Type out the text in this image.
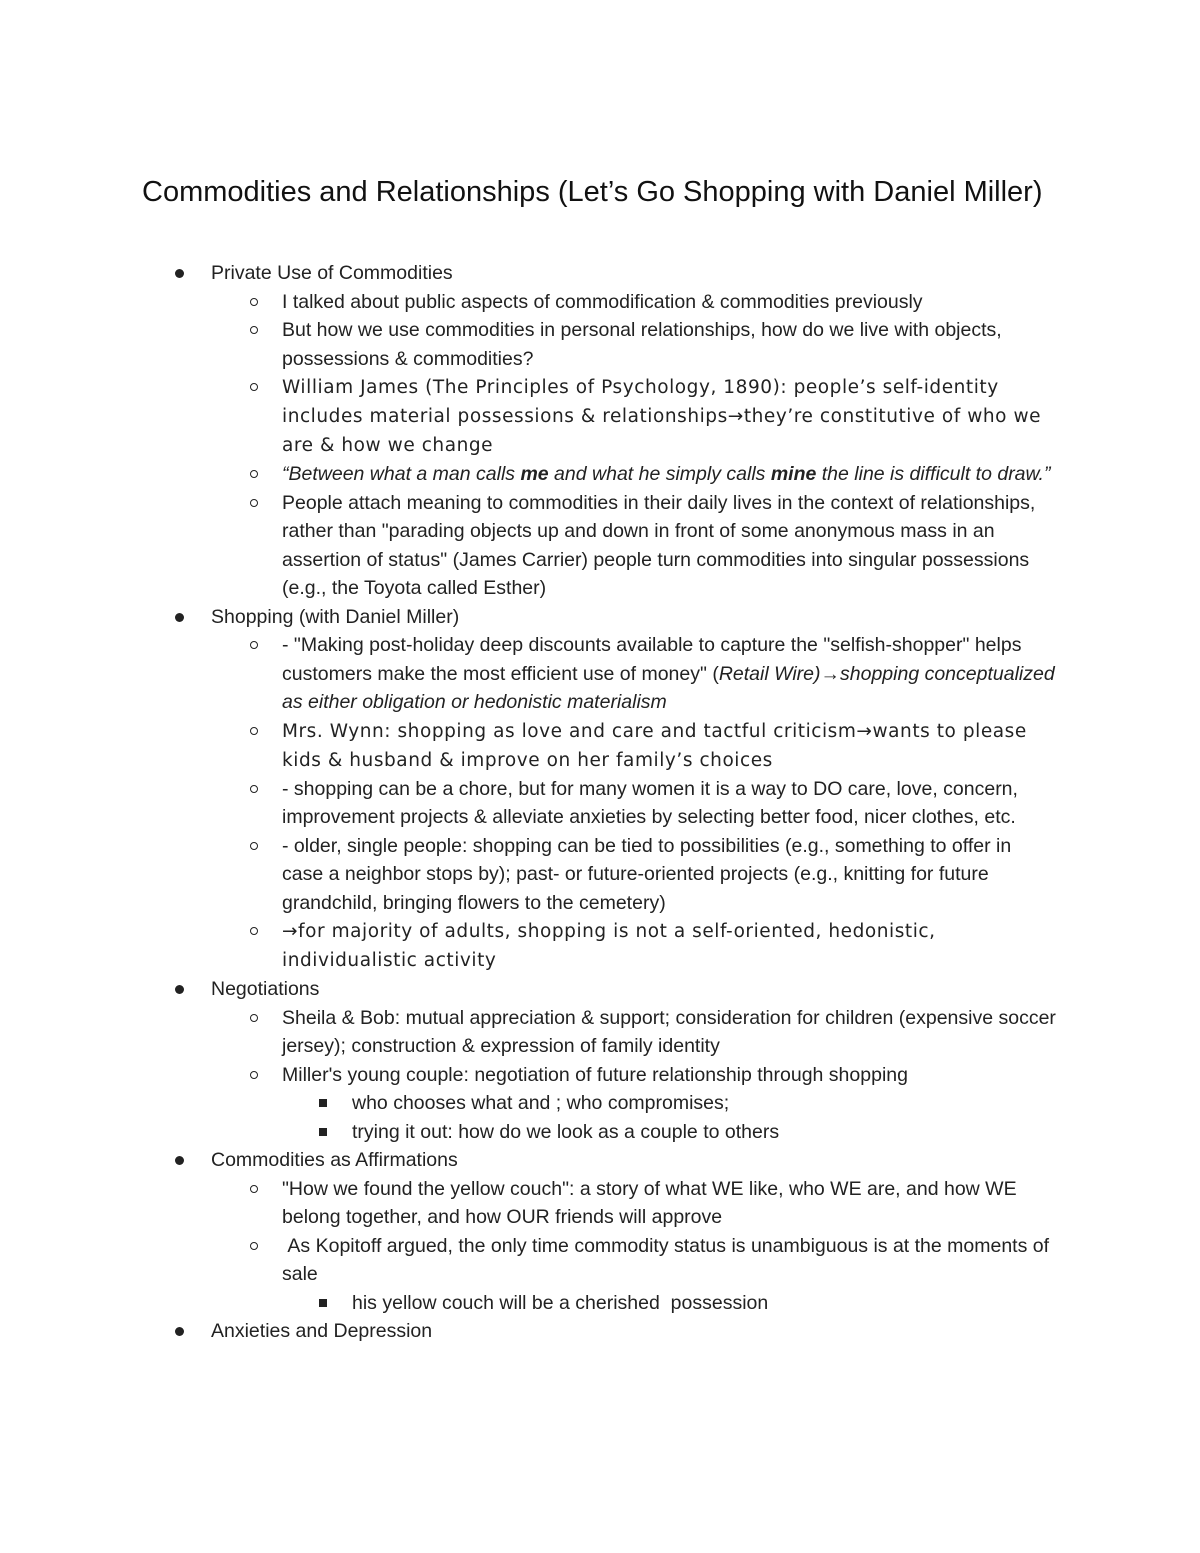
Commodities and Relationships (Let’s Go Shopping with Daniel Miller)
Private Use of Commodities
I talked about public aspects of commodification & commodities previously
But how we use commodities in personal relationships, how do we live with objects, possessions & commodities?
William James (The Principles of Psychology, 1890): people’s self-identity includes material possessions & relationships→they’re constitutive of who we are & how we change
“Between what a man calls me and what he simply calls mine the line is difficult to draw.”
People attach meaning to commodities in their daily lives in the context of relationships, rather than "parading objects up and down in front of some anonymous mass in an assertion of status" (James Carrier) people turn commodities into singular possessions (e.g., the Toyota called Esther)
Shopping (with Daniel Miller)
- "Making post-holiday deep discounts available to capture the "selfish-shopper" helps customers make the most efficient use of money" (Retail Wire)→shopping conceptualized as either obligation or hedonistic materialism
Mrs. Wynn: shopping as love and care and tactful criticism→wants to please kids & husband & improve on her family’s choices
- shopping can be a chore, but for many women it is a way to DO care, love, concern, improvement projects & alleviate anxieties by selecting better food, nicer clothes, etc.
- older, single people: shopping can be tied to possibilities (e.g., something to offer in case a neighbor stops by); past- or future-oriented projects (e.g., knitting for future grandchild, bringing flowers to the cemetery)
→for majority of adults, shopping is not a self-oriented, hedonistic, individualistic activity
Negotiations
Sheila & Bob: mutual appreciation & support; consideration for children (expensive soccer jersey); construction & expression of family identity
Miller's young couple: negotiation of future relationship through shopping
who chooses what and ; who compromises;
trying it out: how do we look as a couple to others
Commodities as Affirmations
"How we found the yellow couch": a story of what WE like, who WE are, and how WE belong together, and how OUR friends will approve
As Kopitoff argued, the only time commodity status is unambiguous is at the moments of sale
his yellow couch will be a cherished  possession
Anxieties and Depression
